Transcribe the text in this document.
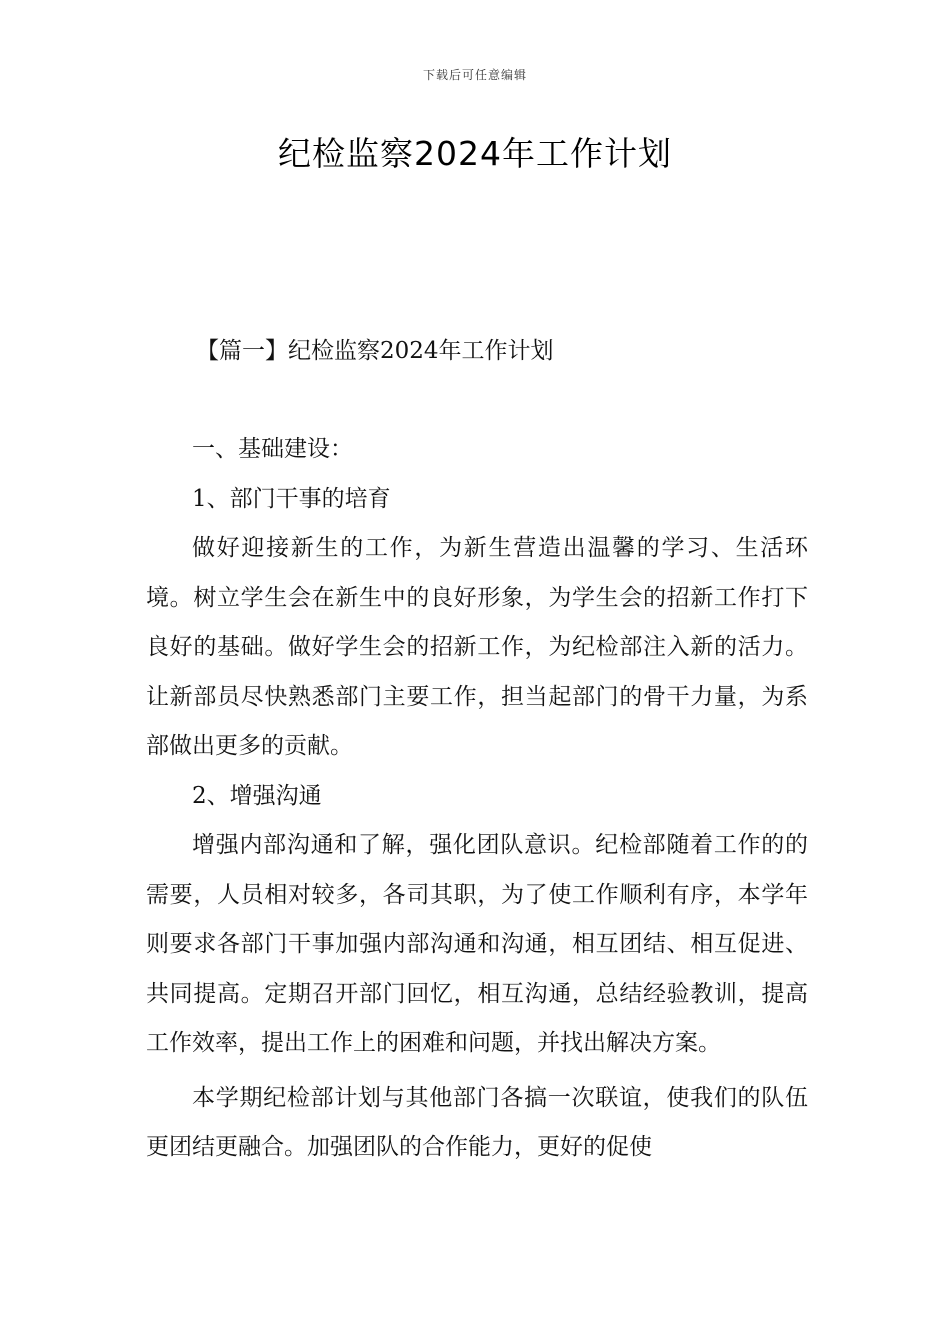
下载后可任意编辑
纪检监察2024年工作计划
【篇一】纪检监察2024年工作计划

一、基础建设：

1、部门干事的培育

做好迎接新生的工作，为新生营造出温馨的学习、生活环境。树立学生会在新生中的良好形象，为学生会的招新工作打下良好的基础。做好学生会的招新工作，为纪检部注入新的活力。让新部员尽快熟悉部门主要工作，担当起部门的骨干力量，为系部做出更多的贡献。

2、增强沟通

增强内部沟通和了解，强化团队意识。纪检部随着工作的的需要，人员相对较多，各司其职，为了使工作顺利有序，本学年则要求各部门干事加强内部沟通和沟通，相互团结、相互促进、共同提高。定期召开部门回忆，相互沟通，总结经验教训，提高工作效率，提出工作上的困难和问题，并找出解决方案。

本学期纪检部计划与其他部门各搞一次联谊，使我们的队伍更团结更融合。加强团队的合作能力，更好的促使
